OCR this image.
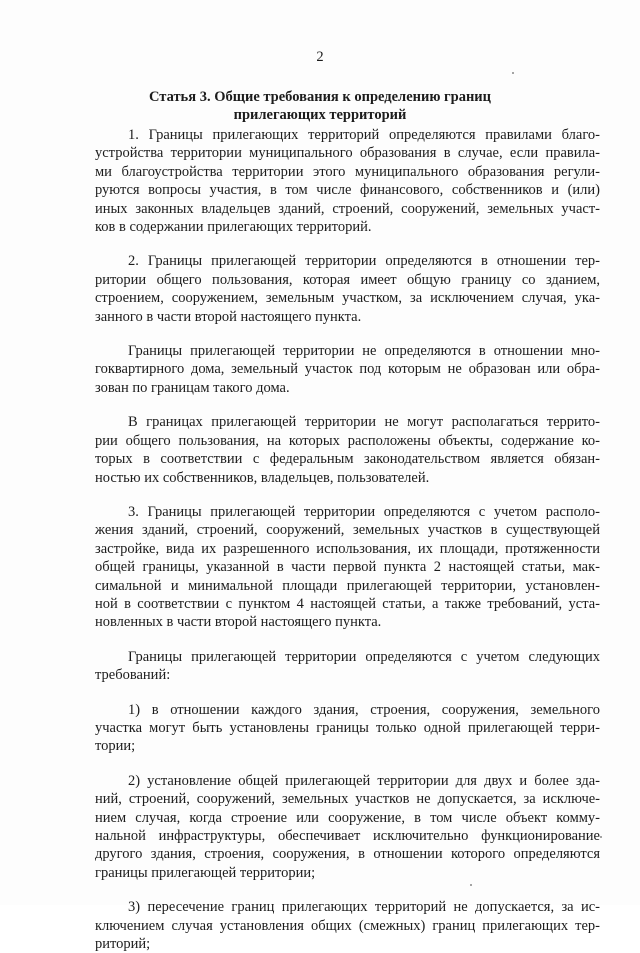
2

Статья 3. Общие требования к определению границ
прилегающих территорий

1. Границы прилегающих территорий определяются правилами благо-
устройства территории муниципального образования в случае, если правила-
ми благоустройства территории этого муниципального образования регули-
руются вопросы участия, в том числе финансового, собственников и (или)
иных законных владельцев зданий, строений, сооружений, земельных участ-
ков в содержании прилегающих территорий.

2. Границы прилегающей территории определяются в отношении тер-
ритории общего пользования, которая имеет общую границу со зданием,
строением, сооружением, земельным участком, за исключением случая, ука-
занного в части второй настоящего пункта.

Границы прилегающей территории не определяются в отношении мно-
гоквартирного дома, земельный участок под которым не образован или обра-
зован по границам такого дома.

В границах прилегающей территории не могут располагаться террито-
рии общего пользования, на которых расположены объекты, содержание ко-
торых в соответствии с федеральным законодательством является обязан-
ностью их собственников, владельцев, пользователей.

3. Границы прилегающей территории определяются с учетом располо-
жения зданий, строений, сооружений, земельных участков в существующей
застройке, вида их разрешенного использования, их площади, протяженности
общей границы, указанной в части первой пункта 2 настоящей статьи, мак-
симальной и минимальной площади прилегающей территории, установлен-
ной в соответствии с пунктом 4 настоящей статьи, а также требований, уста-
новленных в части второй настоящего пункта.

Границы прилегающей территории определяются с учетом следующих
требований:

1) в отношении каждого здания, строения, сооружения, земельного
участка могут быть установлены границы только одной прилегающей терри-
тории;

2) установление общей прилегающей территории для двух и более зда-
ний, строений, сооружений, земельных участков не допускается, за исключе-
нием случая, когда строение или сооружение, в том числе объект комму-
нальной инфраструктуры, обеспечивает исключительно функционирование
другого здания, строения, сооружения, в отношении которого определяются
границы прилегающей территории;

3) пересечение границ прилегающих территорий не допускается, за ис-
ключением случая установления общих (смежных) границ прилегающих тер-
риторий;
